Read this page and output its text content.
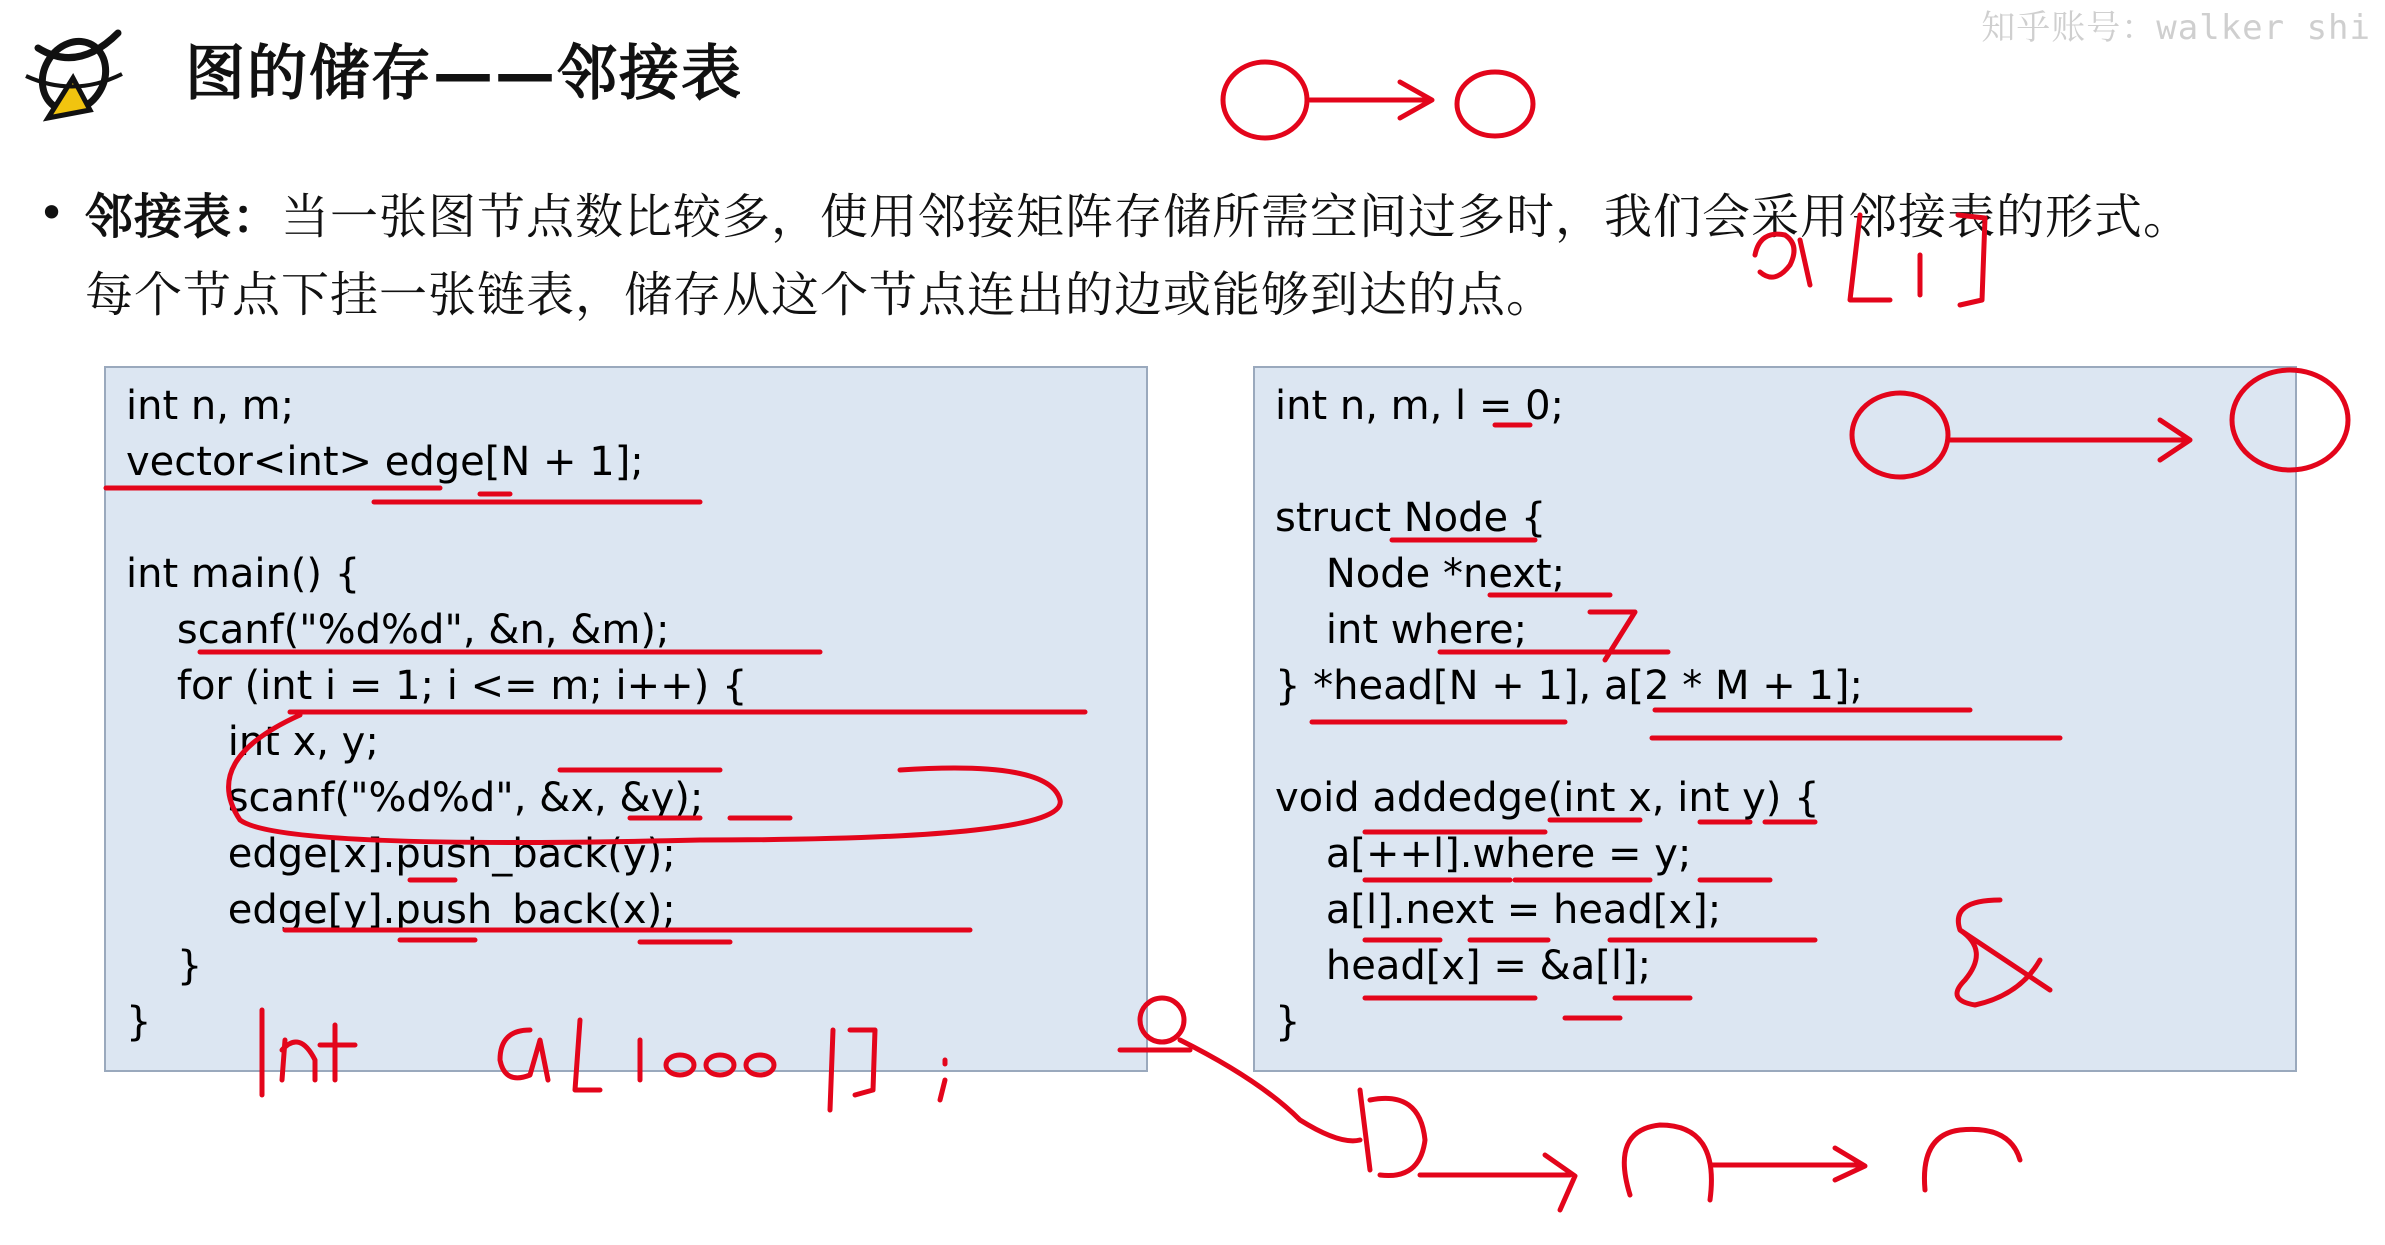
知乎账号：walker shi
图的储存——邻接表
• 邻接表：当一张图节点数比较多，使用邻接矩阵存储所需空间过多时，我们会采用邻接表的形式。
每个节点下挂一张链表，储存从这个节点连出的边或能够到达的点。
int n, m;
vector<int> edge[N + 1];
int main() {
scanf("%d%d", &n, &m);
for (int i = 1; i <= m; i++) {
int x, y;
scanf("%d%d", &x, &y);
edge[x].push_back(y);
edge[y].push_back(x);
}
}
int n, m, l = 0;
struct Node {
Node *next;
int where;
} *head[N + 1], a[2 * M + 1];
void addedge(int x, int y) {
a[++l].where = y;
a[l].next = head[x];
head[x] = &a[l];
}
